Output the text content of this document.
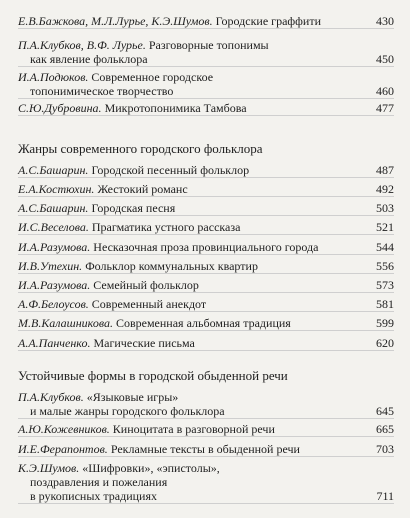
Е.В.Бажкова, М.Л.Лурье, К.Э.Шумов. Городские граффити	430
П.А.Клубков, В.Ф. Лурье. Разговорные топонимы
как явление фольклора	450
И.А.Подюков. Современное городское
топонимическое творчество	460
С.Ю.Дубровина. Микротопонимика Тамбова	477
Жанры современного городского фольклора
А.С.Башарин. Городской песенный фольклор	487
Е.А.Костюхин. Жестокий романс	492
А.С.Башарин. Городская песня	503
И.С.Веселова. Прагматика устного рассказа	521
И.А.Разумова. Несказочная проза провинциального города	544
И.В.Утехин. Фольклор коммунальных квартир	556
И.А.Разумова. Семейный фольклор	573
А.Ф.Белоусов. Современный анекдот	581
М.В.Калашникова. Современная альбомная традиция	599
А.А.Панченко. Магические письма	620
Устойчивые формы в городской обыденной речи
П.А.Клубков. «Языковые игры»
и малые жанры городского фольклора	645
А.Ю.Кожевников. Киноцитата в разговорной речи	665
И.Е.Ферапонтов. Рекламные тексты в обыденной речи	703
К.Э.Шумов. «Шифровки», «эпистолы»,
поздравления и пожелания
в рукописных традициях	711
